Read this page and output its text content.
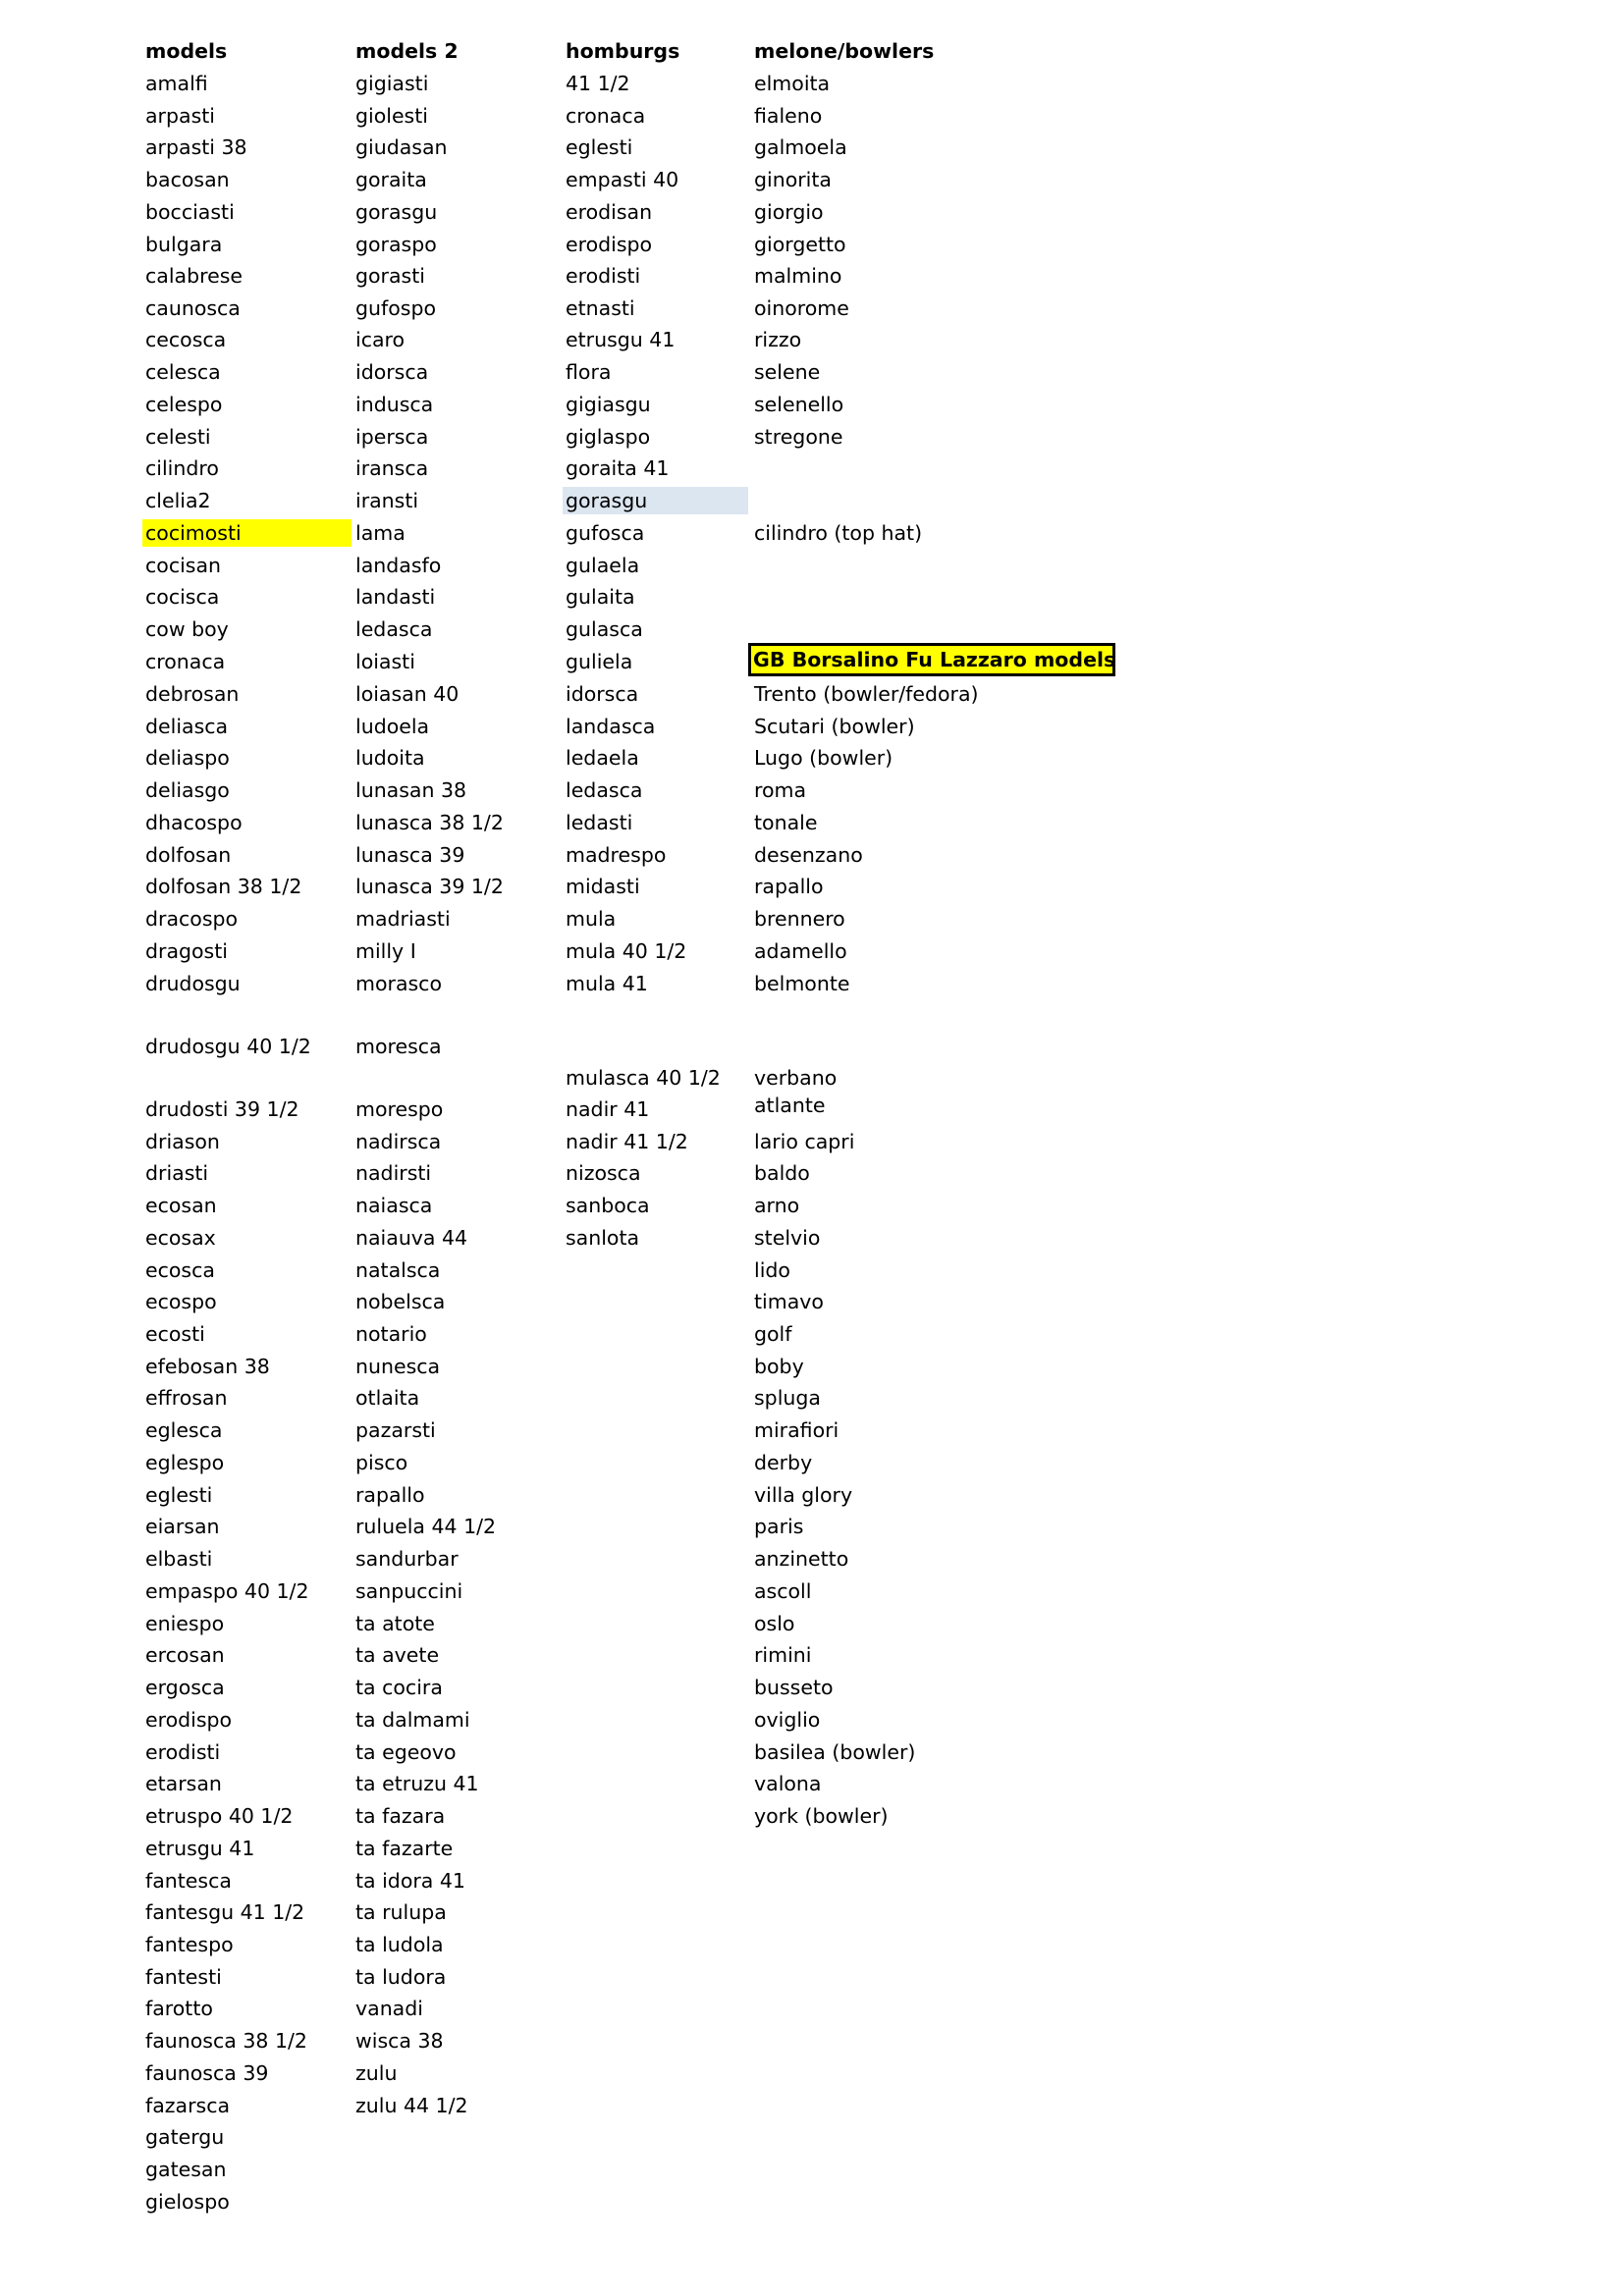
models
amalfi
arpasti
arpasti 38
bacosan
bocciasti
bulgara
calabrese
caunosca
cecosca
celesca
celespo
celesti
cilindro
clelia2
cocimosti
cocisan
cocisca
cow boy
cronaca
debrosan
deliasca
deliaspo
deliasgo
dhacospo
dolfosan
dolfosan 38 1/2
dracospo
dragosti
drudosgu
drudosgu 40 1/2
drudosti 39 1/2
driason
driasti
ecosan
ecosax
ecosca
ecospo
ecosti
efebosan 38
effrosan
eglesca
eglespo
eglesti
eiarsan
elbasti
empaspo 40 1/2
eniespo
ercosan
ergosca
erodispo
erodisti
etarsan
etruspo 40 1/2
etrusgu 41
fantesca
fantesgu 41 1/2
fantespo
fantesti
farotto
faunosca 38 1/2
faunosca 39
fazarsca
gatergu
gatesan
gielospo
models 2
gigiasti
giolesti
giudasan
goraita
gorasgu
goraspo
gorasti
gufospo
icaro
idorsca
induscа
ipersca
iranscа
iransti
lama
landasfo
landasti
ledasca
loiasti
loiasan 40
ludoela
ludoita
lunasan 38
lunasca 38 1/2
lunasca 39
lunasca 39 1/2
madriasti
milly I
morasco
moresca
morespo
nadirsca
nadirsti
naiasca
naiauva 44
natalsca
nobelsca
notario
nunesca
otlaita
pazarsti
pisco
rapallo
ruluela 44 1/2
sandurbar
sanpuccini
ta atote
ta avete
ta cocira
ta dalmami
ta egeovo
ta etruzu 41
ta fazara
ta fazarte
ta idora 41
ta rulupa
ta ludola
ta ludora
vanadi
wisca 38
zulu
zulu 44 1/2
homburgs
41 1/2
cronaca
eglesti
empasti 40
erodisan
erodispo
erodisti
etnasti
etrusgu 41
flora
gigiasgu
giglaspo
goraita 41
gorasgu
gufosca
gulaela
gulaita
gulasca
guliela
idorsca
landasca
ledaela
ledasca
ledasti
madrespo
midasti
mula
mula 40 1/2
mula 41
mulasca 40 1/2
nadir 41
nadir 41 1/2
nizosca
sanboca
sanlota
melone/bowlers
elmoita
fialeno
galmoela
ginorita
giorgio
giorgetto
malmino
oinorome
rizzo
selene
selenello
stregone
cilindro (top hat)
Trento (bowler/fedora)
Scutari (bowler)
Lugo (bowler)
roma
tonale
desenzano
rapallo
brennero
adamello
belmonte
verbano
atlante
lario capri
baldo
arno
stelvio
lido
timavo
golf
boby
spluga
mirafiori
derby
villa glory
paris
anzinetto
ascoll
oslo
rimini
busseto
oviglio
basilea (bowler)
valona
york (bowler)
GB Borsalino Fu Lazzaro models
